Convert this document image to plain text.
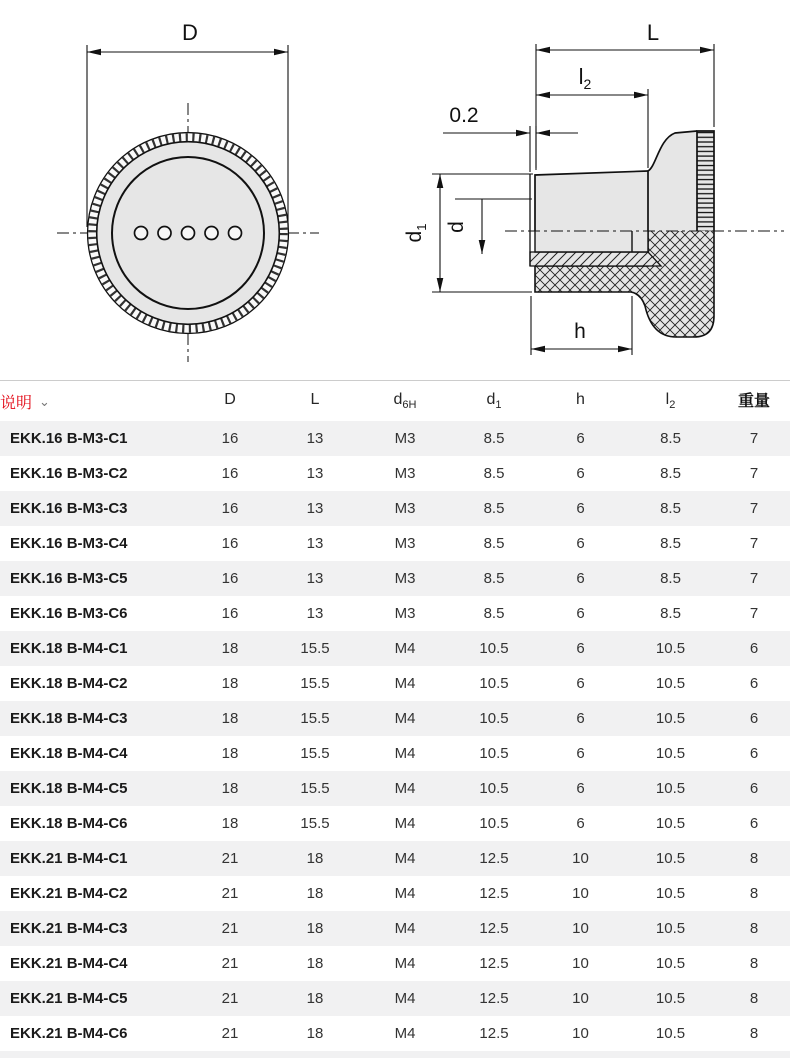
D	L
$l_2$
0.2
$d_1$ d
h
说明 ⌄	D	L	$d_{6H}$	$d_1$	h	$l_2$	重量
EKK.16 B-M3-C1	16	13	M3	8.5	6	8.5	7
EKK.16 B-M3-C2	16	13	M3	8.5	6	8.5	7
EKK.16 B-M3-C3	16	13	M3	8.5	6	8.5	7
EKK.16 B-M3-C4	16	13	M3	8.5	6	8.5	7
EKK.16 B-M3-C5	16	13	M3	8.5	6	8.5	7
EKK.16 B-M3-C6	16	13	M3	8.5	6	8.5	7
EKK.18 B-M4-C1	18	15.5	M4	10.5	6	10.5	6
EKK.18 B-M4-C2	18	15.5	M4	10.5	6	10.5	6
EKK.18 B-M4-C3	18	15.5	M4	10.5	6	10.5	6
EKK.18 B-M4-C4	18	15.5	M4	10.5	6	10.5	6
EKK.18 B-M4-C5	18	15.5	M4	10.5	6	10.5	6
EKK.18 B-M4-C6	18	15.5	M4	10.5	6	10.5	6
EKK.21 B-M4-C1	21	18	M4	12.5	10	10.5	8
EKK.21 B-M4-C2	21	18	M4	12.5	10	10.5	8
EKK.21 B-M4-C3	21	18	M4	12.5	10	10.5	8
EKK.21 B-M4-C4	21	18	M4	12.5	10	10.5	8
EKK.21 B-M4-C5	21	18	M4	12.5	10	10.5	8
EKK.21 B-M4-C6	21	18	M4	12.5	10	10.5	8
